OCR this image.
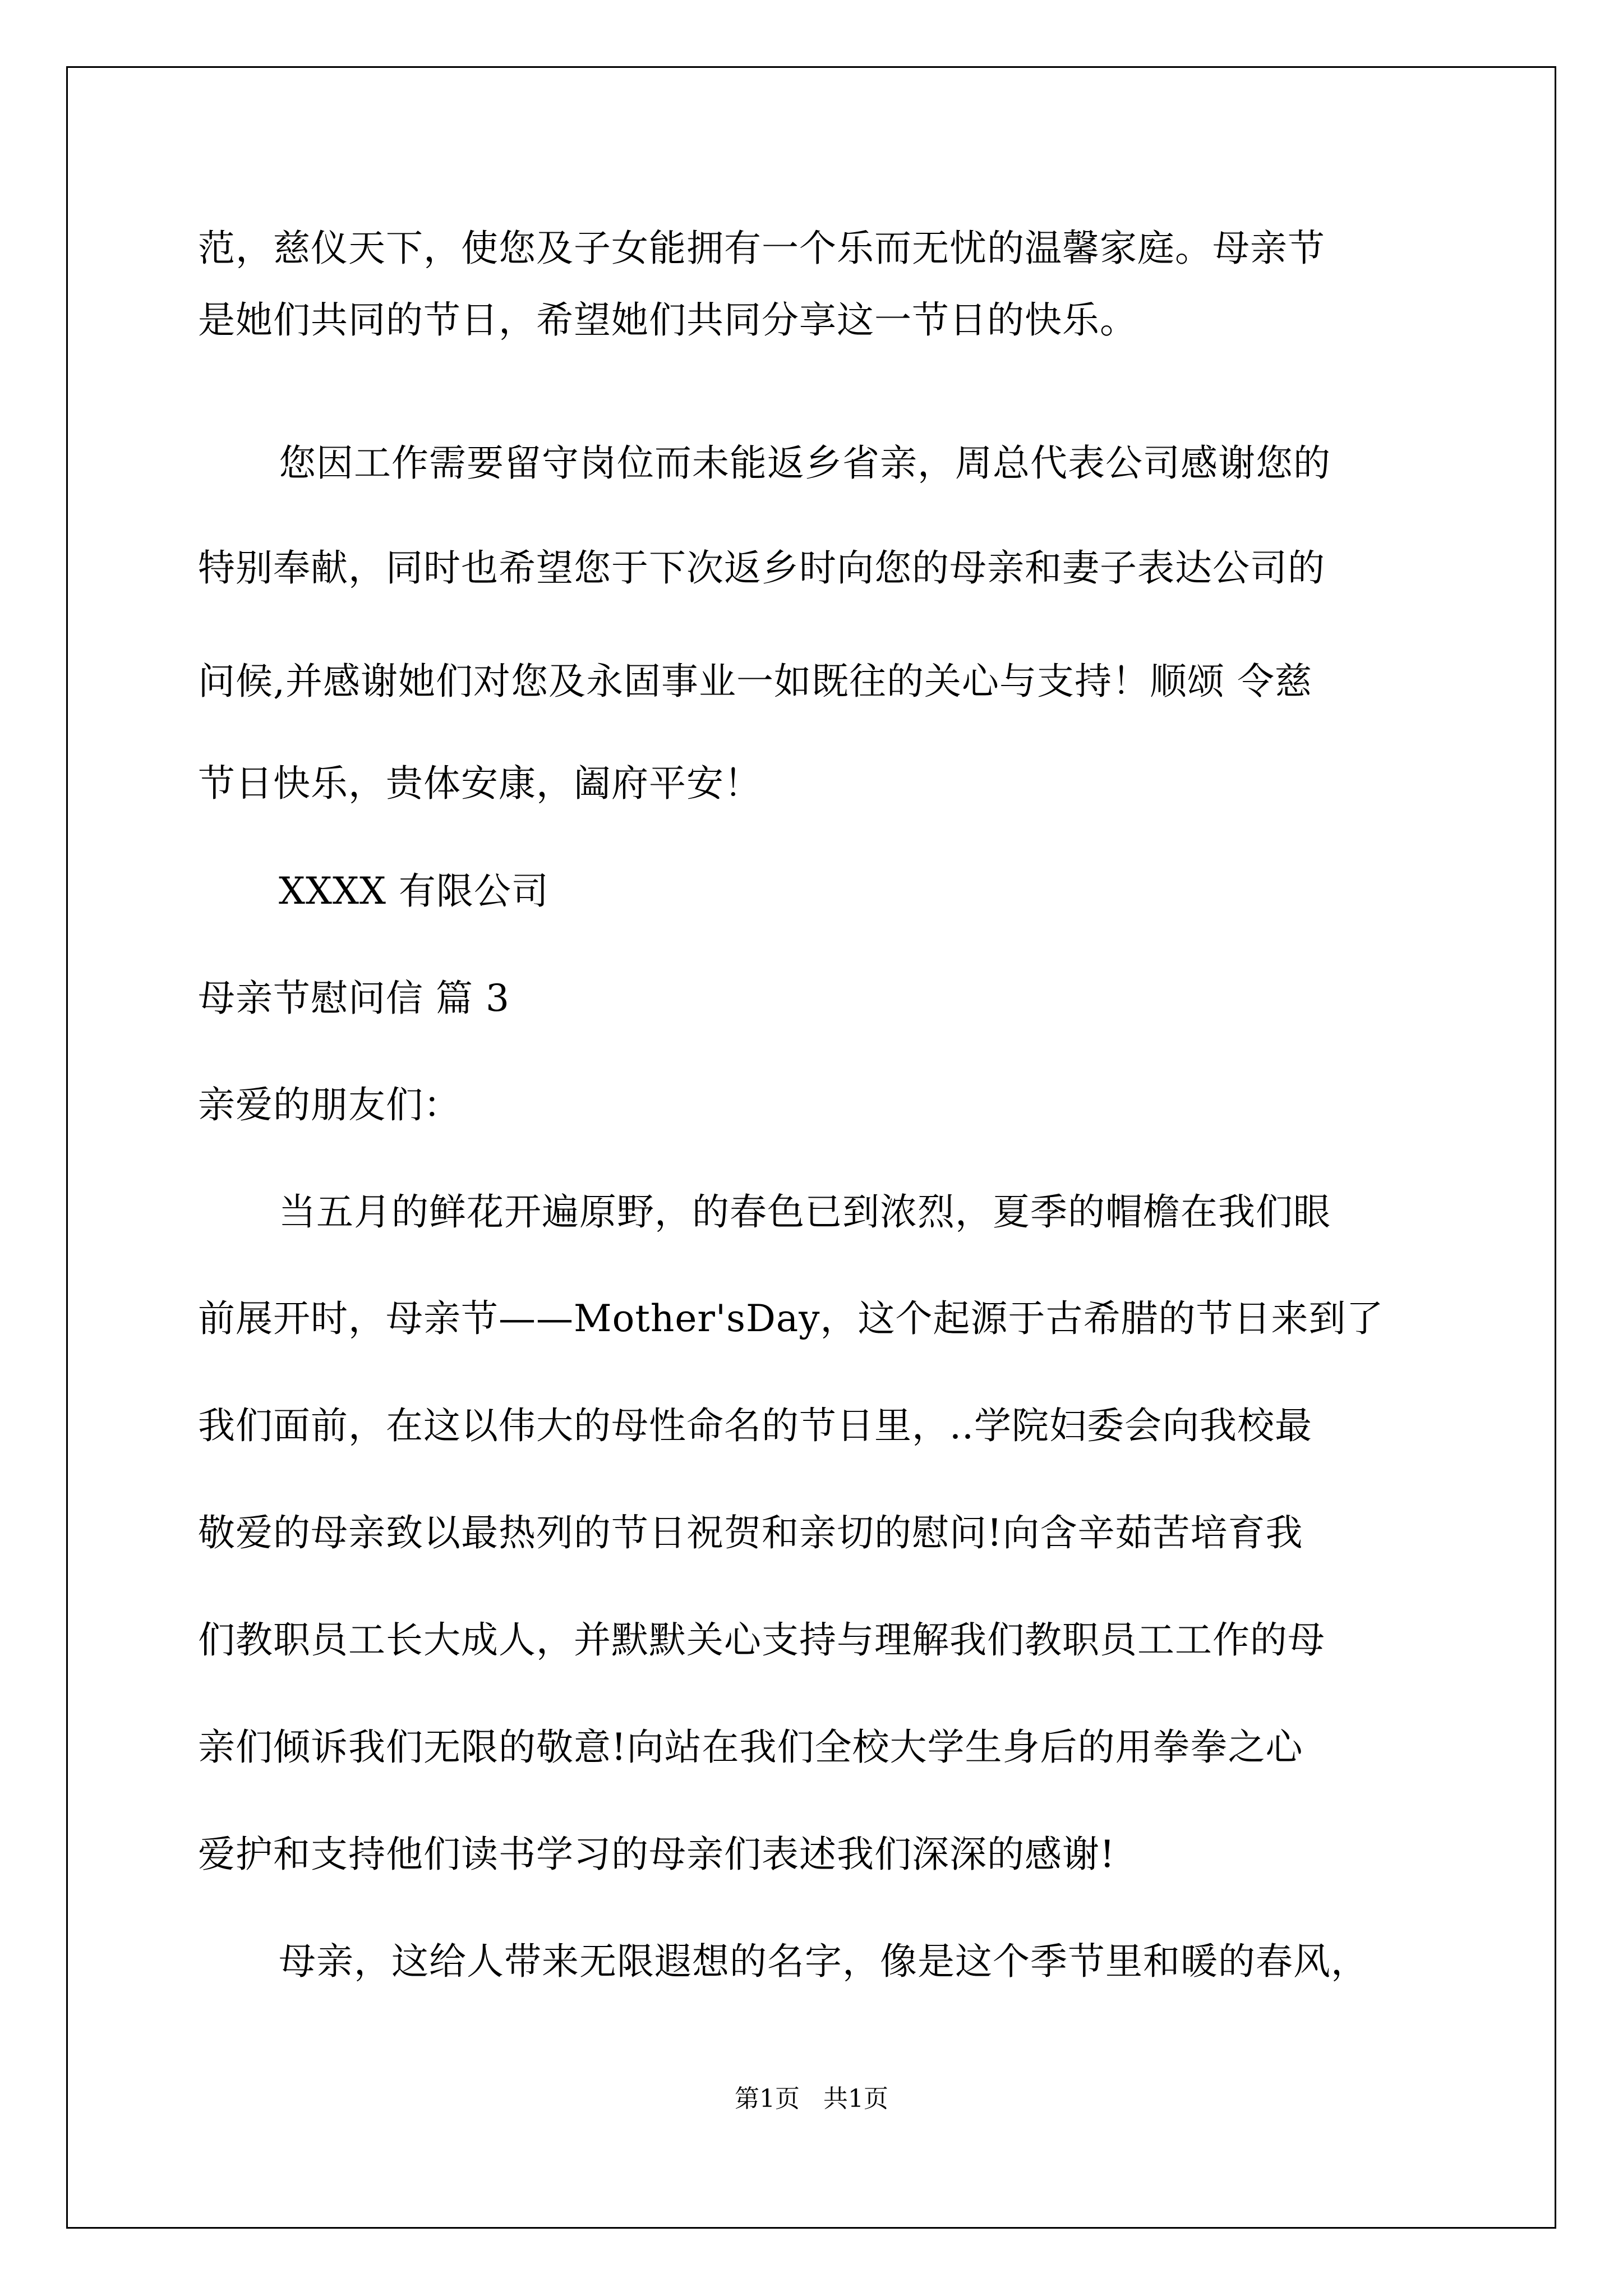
范，慈仪天下，使您及子女能拥有一个乐而无忧的温馨家庭。母亲节
是她们共同的节日，希望她们共同分享这一节日的快乐。
您因工作需要留守岗位而未能返乡省亲，周总代表公司感谢您的
特别奉献，同时也希望您于下次返乡时向您的母亲和妻子表达公司的
问候,并感谢她们对您及永固事业一如既往的关心与支持！顺颂 令慈
节日快乐，贵体安康，阖府平安！
XXXX 有限公司
母亲节慰问信 篇 3
亲爱的朋友们：
当五月的鲜花开遍原野，的春色已到浓烈，夏季的帽檐在我们眼
前展开时，母亲节——Mother'sDay，这个起源于古希腊的节日来到了
我们面前，在这以伟大的母性命名的节日里，..学院妇委会向我校最
敬爱的母亲致以最热列的节日祝贺和亲切的慰问!向含辛茹苦培育我
们教职员工长大成人，并默默关心支持与理解我们教职员工工作的母
亲们倾诉我们无限的敬意!向站在我们全校大学生身后的用拳拳之心
爱护和支持他们读书学习的母亲们表述我们深深的感谢!
母亲，这给人带来无限遐想的名字，像是这个季节里和暖的春风，
第1页   共1页
